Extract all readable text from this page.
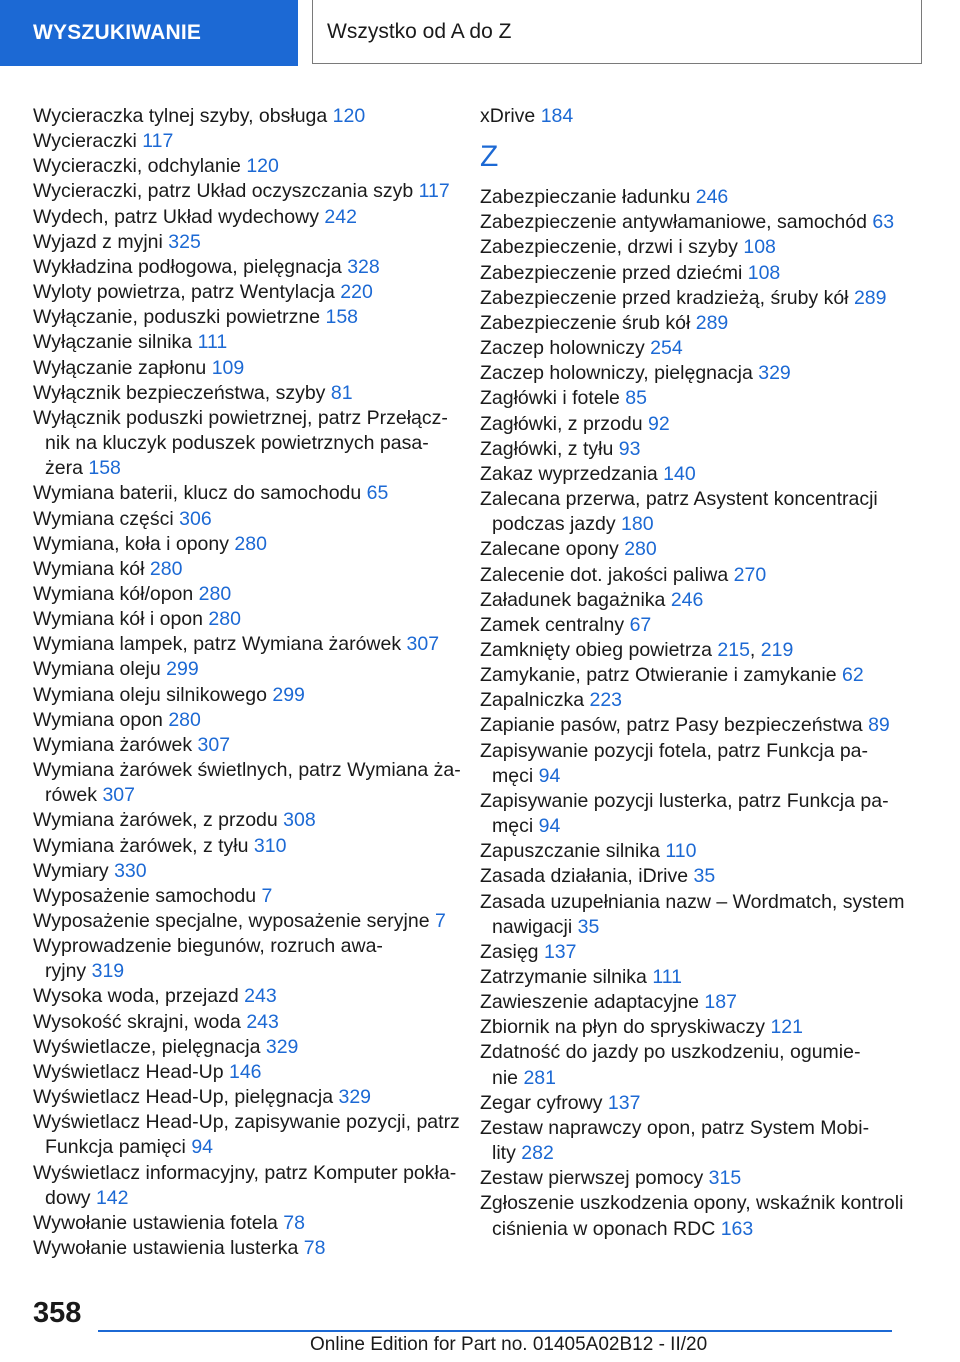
WYSZUKIWANIE	Wszystko od A do Z
Wycieraczka tylnej szyby, obsługa 120
Wycieraczki 117
Wycieraczki, odchylanie 120
Wycieraczki, patrz Układ oczyszczania szyb 117
Wydech, patrz Układ wydechowy 242
Wyjazd z myjni 325
Wykładzina podłogowa, pielęgnacja 328
Wyloty powietrza, patrz Wentylacja 220
Wyłączanie, poduszki powietrzne 158
Wyłączanie silnika 111
Wyłączanie zapłonu 109
Wyłącznik bezpieczeństwa, szyby 81
Wyłącznik poduszki powietrznej, patrz Przełącz-
nik na kluczyk poduszek powietrznych pasa-
żera 158
Wymiana baterii, klucz do samochodu 65
Wymiana części 306
Wymiana, koła i opony 280
Wymiana kół 280
Wymiana kół/opon 280
Wymiana kół i opon 280
Wymiana lampek, patrz Wymiana żarówek 307
Wymiana oleju 299
Wymiana oleju silnikowego 299
Wymiana opon 280
Wymiana żarówek 307
Wymiana żarówek świetlnych, patrz Wymiana ża-
rówek 307
Wymiana żarówek, z przodu 308
Wymiana żarówek, z tyłu 310
Wymiary 330
Wyposażenie samochodu 7
Wyposażenie specjalne, wyposażenie seryjne 7
Wyprowadzenie biegunów, rozruch awa-
ryjny 319
Wysoka woda, przejazd 243
Wysokość skrajni, woda 243
Wyświetlacze, pielęgnacja 329
Wyświetlacz Head-Up 146
Wyświetlacz Head-Up, pielęgnacja 329
Wyświetlacz Head-Up, zapisywanie pozycji, patrz
Funkcja pamięci 94
Wyświetlacz informacyjny, patrz Komputer pokła-
dowy 142
Wywołanie ustawienia fotela 78
Wywołanie ustawienia lusterka 78
xDrive 184
Z
Zabezpieczanie ładunku 246
Zabezpieczenie antywłamaniowe, samochód 63
Zabezpieczenie, drzwi i szyby 108
Zabezpieczenie przed dziećmi 108
Zabezpieczenie przed kradzieżą, śruby kół 289
Zabezpieczenie śrub kół 289
Zaczep holowniczy 254
Zaczep holowniczy, pielęgnacja 329
Zagłówki i fotele 85
Zagłówki, z przodu 92
Zagłówki, z tyłu 93
Zakaz wyprzedzania 140
Zalecana przerwa, patrz Asystent koncentracji
podczas jazdy 180
Zalecane opony 280
Zalecenie dot. jakości paliwa 270
Załadunek bagażnika 246
Zamek centralny 67
Zamknięty obieg powietrza 215, 219
Zamykanie, patrz Otwieranie i zamykanie 62
Zapalniczka 223
Zapianie pasów, patrz Pasy bezpieczeństwa 89
Zapisywanie pozycji fotela, patrz Funkcja pa-
męci 94
Zapisywanie pozycji lusterka, patrz Funkcja pa-
męci 94
Zapuszczanie silnika 110
Zasada działania, iDrive 35
Zasada uzupełniania nazw – Wordmatch, system
nawigacji 35
Zasięg 137
Zatrzymanie silnika 111
Zawieszenie adaptacyjne 187
Zbiornik na płyn do spryskiwaczy 121
Zdatność do jazdy po uszkodzeniu, ogumie-
nie 281
Zegar cyfrowy 137
Zestaw naprawczy opon, patrz System Mobi-
lity 282
Zestaw pierwszej pomocy 315
Zgłoszenie uszkodzenia opony, wskaźnik kontroli
ciśnienia w oponach RDC 163
358
Online Edition for Part no. 01405A02B12 - II/20
